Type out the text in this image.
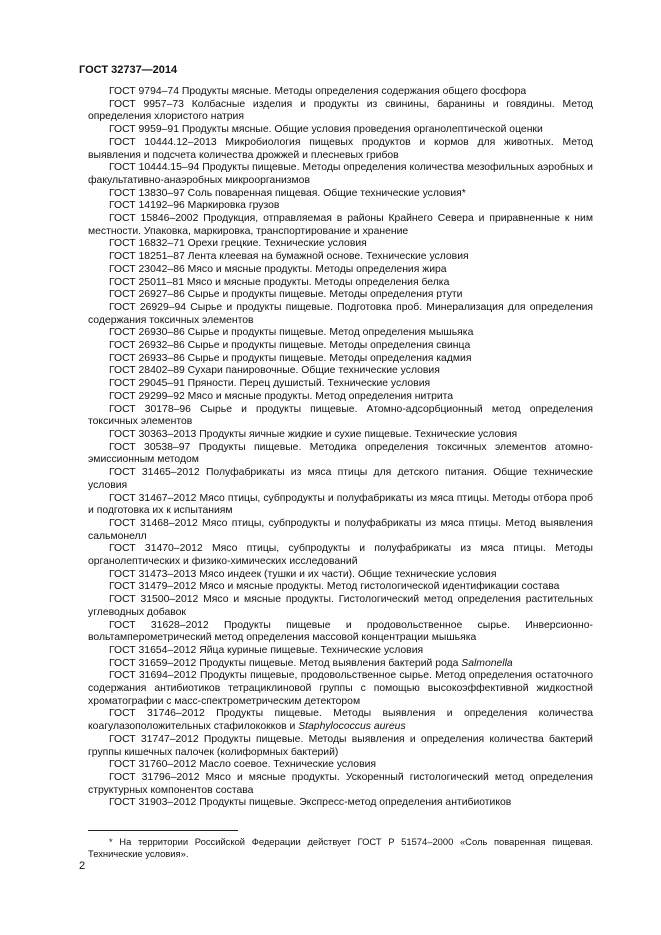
ГОСТ 32737—2014

ГОСТ 9794–74 Продукты мясные. Методы определения содержания общего фосфора

ГОСТ 9957–73 Колбасные изделия и продукты из свинины, баранины и говядины. Метод определения хлористого натрия

ГОСТ 9959–91 Продукты мясные. Общие условия проведения органолептической оценки

ГОСТ 10444.12–2013 Микробиология пищевых продуктов и кормов для животных. Метод выявления и подсчета количества дрожжей и плесневых грибов

ГОСТ 10444.15–94 Продукты пищевые. Методы определения количества мезофильных аэробных и факультативно-анаэробных микроорганизмов

ГОСТ 13830–97 Соль поваренная пищевая. Общие технические условия*

ГОСТ 14192–96 Маркировка грузов

ГОСТ 15846–2002 Продукция, отправляемая в районы Крайнего Севера и приравненные к ним местности. Упаковка, маркировка, транспортирование и хранение

ГОСТ 16832–71 Орехи грецкие. Технические условия

ГОСТ 18251–87 Лента клеевая на бумажной основе. Технические условия

ГОСТ 23042–86 Мясо и мясные продукты. Методы определения жира

ГОСТ 25011–81 Мясо и мясные продукты. Методы определения белка

ГОСТ 26927–86 Сырье и продукты пищевые. Методы определения ртути

ГОСТ 26929–94 Сырье и продукты пищевые. Подготовка проб. Минерализация для определения содержания токсичных элементов

ГОСТ 26930–86 Сырье и продукты пищевые. Метод определения мышьяка

ГОСТ 26932–86 Сырье и продукты пищевые. Методы определения свинца

ГОСТ 26933–86 Сырье и продукты пищевые. Методы определения кадмия

ГОСТ 28402–89 Сухари панировочные. Общие технические условия

ГОСТ 29045–91 Пряности. Перец душистый. Технические условия

ГОСТ 29299–92 Мясо и мясные продукты. Метод определения нитрита

ГОСТ 30178–96 Сырье и продукты пищевые. Атомно-адсорбционный метод определения токсичных элементов

ГОСТ 30363–2013 Продукты яичные жидкие и сухие пищевые. Технические условия

ГОСТ 30538–97 Продукты пищевые. Методика определения токсичных элементов атомно-эмиссионным методом

ГОСТ 31465–2012 Полуфабрикаты из мяса птицы для детского питания. Общие технические условия

ГОСТ 31467–2012 Мясо птицы, субпродукты и полуфабрикаты из мяса птицы. Методы отбора проб и подготовка их к испытаниям

ГОСТ 31468–2012 Мясо птицы, субпродукты и полуфабрикаты из мяса птицы. Метод выявления сальмонелл

ГОСТ 31470–2012 Мясо птицы, субпродукты и полуфабрикаты из мяса птицы. Методы органолептических и физико-химических исследований

ГОСТ 31473–2013 Мясо индеек (тушки и их части). Общие технические условия

ГОСТ 31479–2012 Мясо и мясные продукты. Метод гистологической идентификации состава

ГОСТ 31500–2012 Мясо и мясные продукты. Гистологический метод определения растительных углеводных добавок

ГОСТ 31628–2012 Продукты пищевые и продовольственное сырье. Инверсионно-вольтамперометрический метод определения массовой концентрации мышьяка

ГОСТ 31654–2012 Яйца куриные пищевые. Технические условия

ГОСТ 31659–2012 Продукты пищевые. Метод выявления бактерий рода Salmonella

ГОСТ 31694–2012 Продукты пищевые, продовольственное сырье. Метод определения остаточного содержания антибиотиков тетрациклиновой группы с помощью высокоэффективной жидкостной хроматографии с масс-спектрометрическим детектором

ГОСТ 31746–2012 Продукты пищевые. Методы выявления и определения количества коагулазоположительных стафилококков и Staphylococcus aureus

ГОСТ 31747–2012 Продукты пищевые. Методы выявления и определения количества бактерий группы кишечных палочек (колиформных бактерий)

ГОСТ 31760–2012 Масло соевое. Технические условия

ГОСТ 31796–2012 Мясо и мясные продукты. Ускоренный гистологический метод определения структурных компонентов состава

ГОСТ 31903–2012 Продукты пищевые. Экспресс-метод определения антибиотиков

* На территории Российской Федерации действует ГОСТ Р 51574–2000 «Соль поваренная пищевая. Технические условия».
2
